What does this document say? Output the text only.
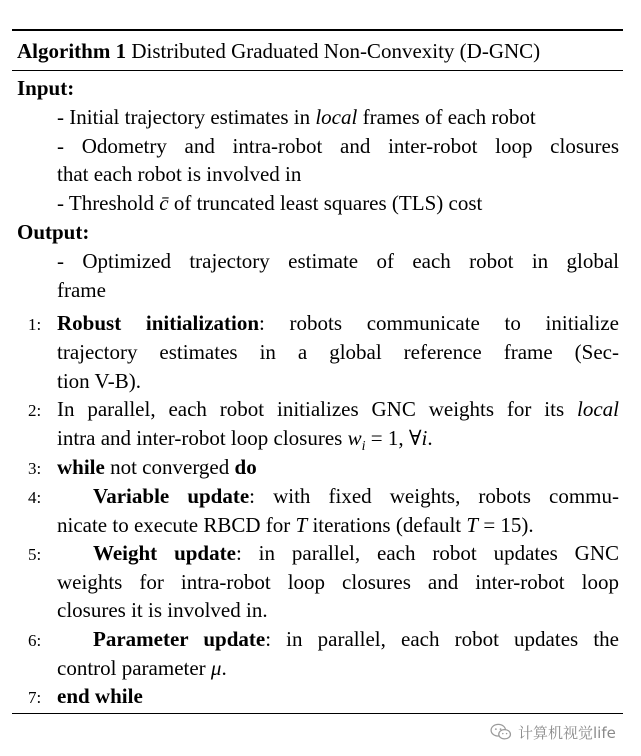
Algorithm 1 Distributed Graduated Non-Convexity (D-GNC)
Input:
- Initial trajectory estimates in local frames of each robot
- Odometry and intra-robot and inter-robot loop closures
that each robot is involved in
- Threshold c̄ of truncated least squares (TLS) cost
Output:
- Optimized trajectory estimate of each robot in global
frame
1: Robust initialization: robots communicate to initialize
trajectory estimates in a global reference frame (Sec-
tion V-B).
2: In parallel, each robot initializes GNC weights for its local
intra and inter-robot loop closures $w_i = 1$, ∀i.
3: while not converged do
4:	Variable update: with fixed weights, robots commu-
nicate to execute RBCD for T iterations (default T = 15).
5:	Weight update: in parallel, each robot updates GNC
weights for intra-robot loop closures and inter-robot loop
closures it is involved in.
6:	Parameter update: in parallel, each robot updates the
control parameter μ.
7: end while
计算机视觉life
